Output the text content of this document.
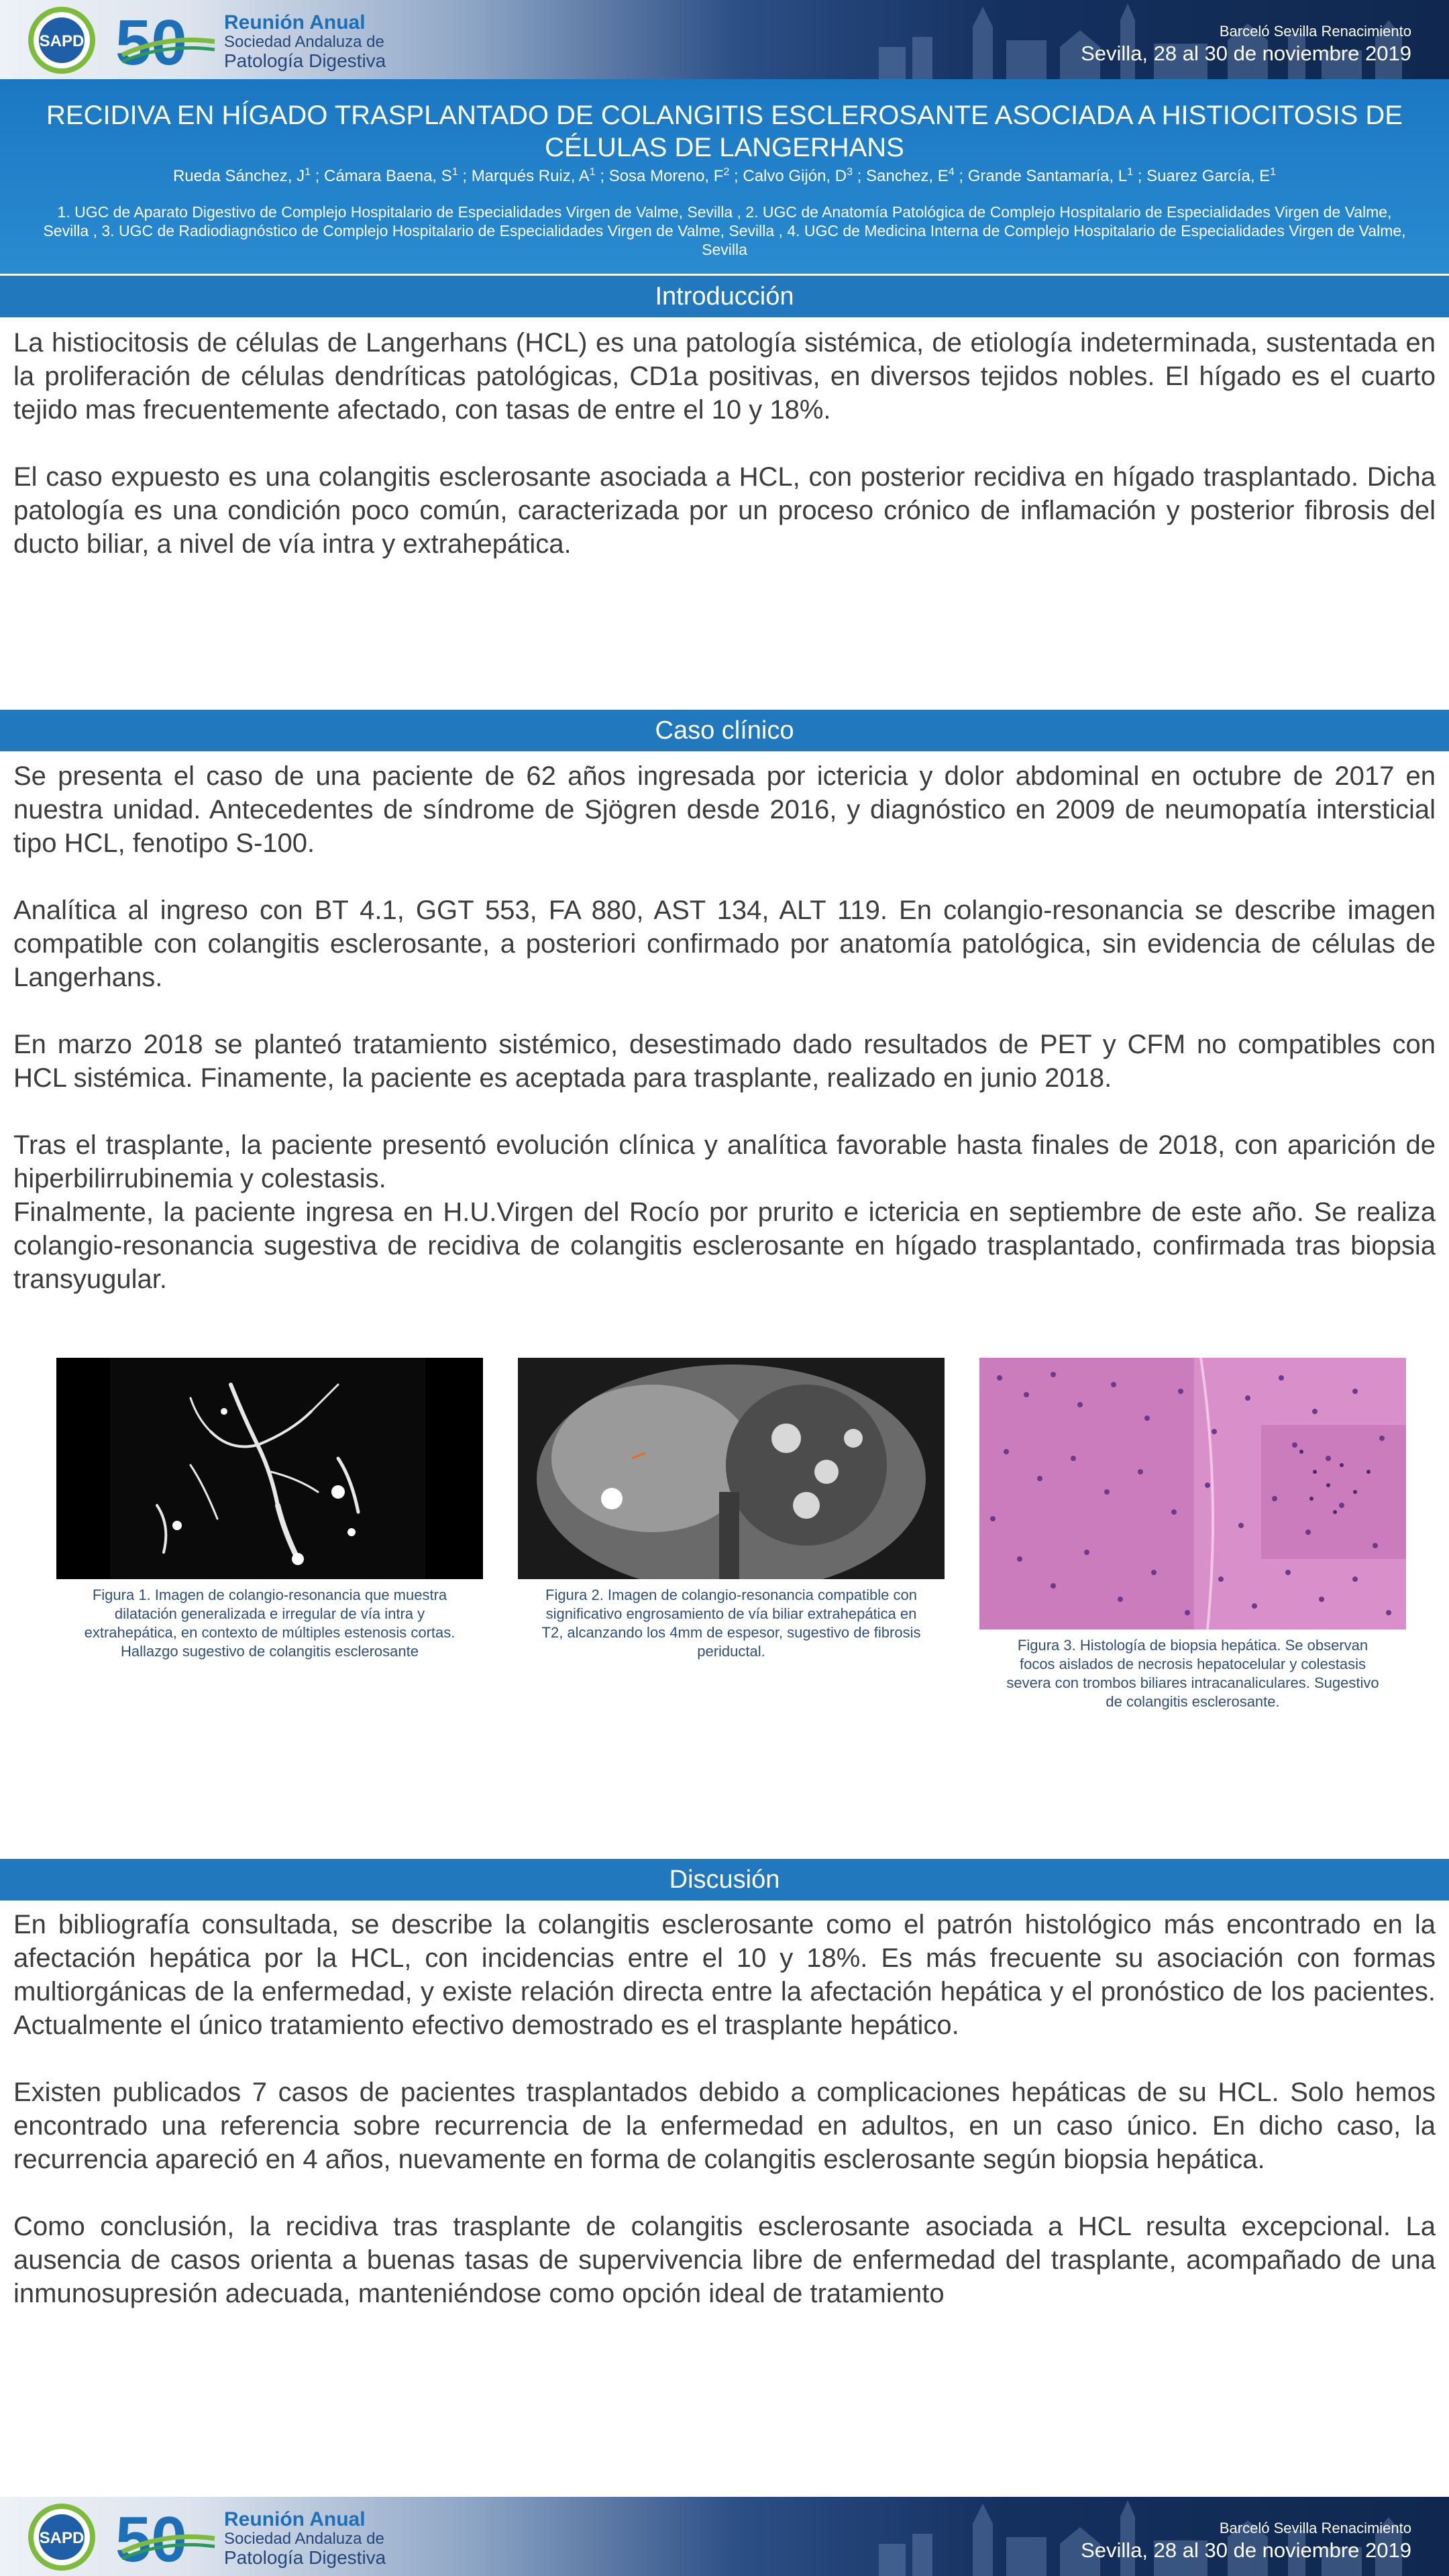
SAPD 50 Reunión Anual
Sociedad Andaluza de
Patología Digestiva
Barceló Sevilla Renacimiento
Sevilla, 28 al 30 de noviembre 2019
RECIDIVA EN HÍGADO TRASPLANTADO DE COLANGITIS ESCLEROSANTE ASOCIADA A HISTIOCITOSIS DE
CÉLULAS DE LANGERHANS
Rueda Sánchez, $J^1$ ; Cámara Baena, $S^1$ ; Marqués Ruiz, $A^1$ ; Sosa Moreno, $F^2$ ; Calvo Gijón, $D^3$ ; Sanchez, $E^4$ ; Grande Santamaría, $L^1$ ; Suarez García, $E^1$
1. UGC de Aparato Digestivo de Complejo Hospitalario de Especialidades Virgen de Valme, Sevilla , 2. UGC de Anatomía Patológica de Complejo Hospitalario de Especialidades Virgen de Valme, Sevilla , 3. UGC de Radiodiagnóstico de Complejo Hospitalario de Especialidades Virgen de Valme, Sevilla , 4. UGC de Medicina Interna de Complejo Hospitalario de Especialidades Virgen de Valme, Sevilla
Introducción

La histiocitosis de células de Langerhans (HCL) es una patología sistémica, de etiología indeterminada, sustentada en la proliferación de células dendríticas patológicas, CD1a positivas, en diversos tejidos nobles. El hígado es el cuarto tejido mas frecuentemente afectado, con tasas de entre el 10 y 18%.

El caso expuesto es una colangitis esclerosante asociada a HCL, con posterior recidiva en hígado trasplantado. Dicha patología es una condición poco común, caracterizada por un proceso crónico de inflamación y posterior fibrosis del ducto biliar, a nivel de vía intra y extrahepática.

Caso clínico

Se presenta el caso de una paciente de 62 años ingresada por ictericia y dolor abdominal en octubre de 2017 en nuestra unidad. Antecedentes de síndrome de Sjögren desde 2016, y diagnóstico en 2009 de neumopatía intersticial tipo HCL, fenotipo S-100.

Analítica al ingreso con BT 4.1, GGT 553, FA 880, AST 134, ALT 119. En colangio-resonancia se describe imagen compatible con colangitis esclerosante, a posteriori confirmado por anatomía patológica, sin evidencia de células de Langerhans.

En marzo 2018 se planteó tratamiento sistémico, desestimado dado resultados de PET y CFM no compatibles con HCL sistémica. Finamente, la paciente es aceptada para trasplante, realizado en junio 2018.

Tras el trasplante, la paciente presentó evolución clínica y analítica favorable hasta finales de 2018, con aparición de hiperbilirrubinemia y colestasis.

Finalmente, la paciente ingresa en H.U.Virgen del Rocío por prurito e ictericia en septiembre de este año. Se realiza colangio-resonancia sugestiva de recidiva de colangitis esclerosante en hígado trasplantado, confirmada tras biopsia transyugular.

Figura 1. Imagen de colangio-resonancia que muestra dilatación generalizada e irregular de vía intra y extrahepática, en contexto de múltiples estenosis cortas. Hallazgo sugestivo de colangitis esclerosante
Figura 2. Imagen de colangio-resonancia compatible con significativo engrosamiento de vía biliar extrahepática en T2, alcanzando los 4mm de espesor, sugestivo de fibrosis periductal.	Figura 3. Histología de biopsia hepática. Se observan focos aislados de necrosis hepatocelular y colestasis severa con trombos biliares intracanaliculares. Sugestivo de colangitis esclerosante.
Discusión

En bibliografía consultada, se describe la colangitis esclerosante como el patrón histológico más encontrado en la afectación hepática por la HCL, con incidencias entre el 10 y 18%. Es más frecuente su asociación con formas multiorgánicas de la enfermedad, y existe relación directa entre la afectación hepática y el pronóstico de los pacientes. Actualmente el único tratamiento efectivo demostrado es el trasplante hepático.

Existen publicados 7 casos de pacientes trasplantados debido a complicaciones hepáticas de su HCL. Solo hemos encontrado una referencia sobre recurrencia de la enfermedad en adultos, en un caso único. En dicho caso, la recurrencia apareció en 4 años, nuevamente en forma de colangitis esclerosante según biopsia hepática.

Como conclusión, la recidiva tras trasplante de colangitis esclerosante asociada a HCL resulta excepcional. La ausencia de casos orienta a buenas tasas de supervivencia libre de enfermedad del trasplante, acompañado de una inmunosupresión adecuada, manteniéndose como opción ideal de tratamiento

SAPD 50 Reunión Anual
Sociedad Andaluza de
Patología Digestiva
Barceló Sevilla Renacimiento
Sevilla, 28 al 30 de noviembre 2019
